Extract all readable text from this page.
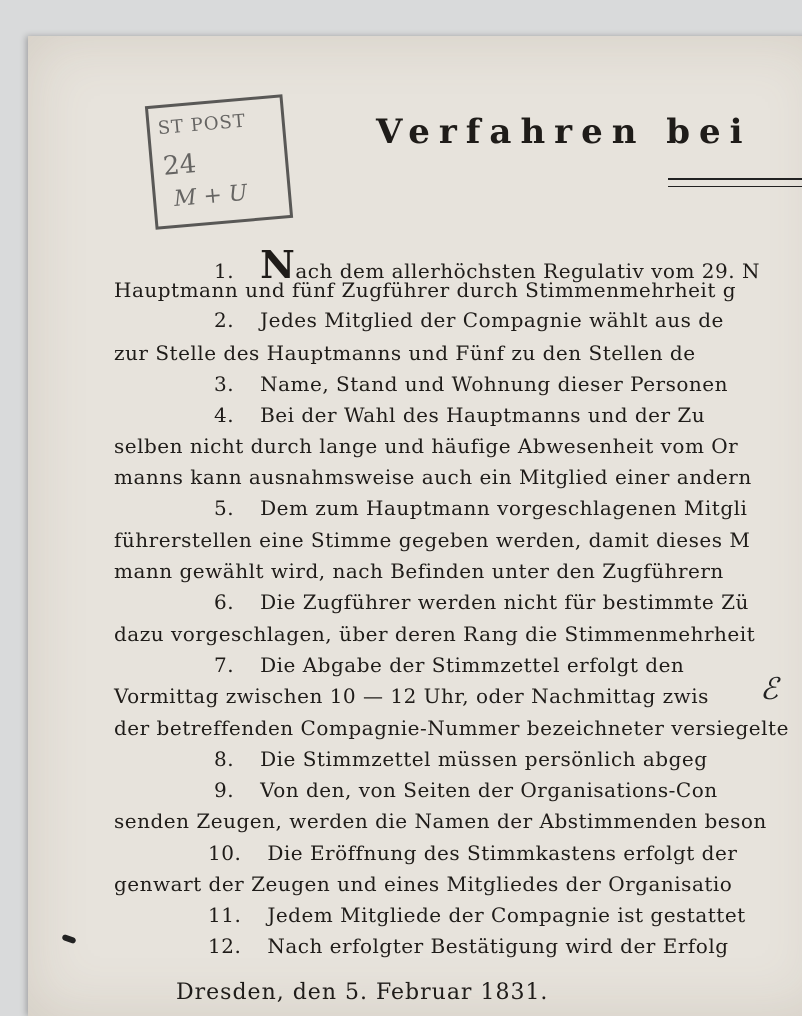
ST POST
24
M + U
Verfahren bei
1. Nach dem allerhöchsten Regulativ vom 29. N
Hauptmann und fünf Zugführer durch Stimmenmehrheit g
2. Jedes Mitglied der Compagnie wählt aus de
zur Stelle des Hauptmanns und Fünf zu den Stellen de
3. Name, Stand und Wohnung dieser Personen
4. Bei der Wahl des Hauptmanns und der Zu
selben nicht durch lange und häufige Abwesenheit vom Or
manns kann ausnahmsweise auch ein Mitglied einer andern
5. Dem zum Hauptmann vorgeschlagenen Mitgli
führerstellen eine Stimme gegeben werden, damit dieses M
mann gewählt wird, nach Befinden unter den Zugführern
6. Die Zugführer werden nicht für bestimmte Zü
dazu vorgeschlagen, über deren Rang die Stimmenmehrheit
7. Die Abgabe der Stimmzettel erfolgt den
Vormittag zwischen 10 — 12 Uhr, oder Nachmittag zwis
der betreffenden Compagnie-Nummer bezeichneter versiegelte
8. Die Stimmzettel müssen persönlich abgeg
9. Von den, von Seiten der Organisations-Con
senden Zeugen, werden die Namen der Abstimmenden beson
10. Die Eröffnung des Stimmkastens erfolgt der
genwart der Zeugen und eines Mitgliedes der Organisatio
11. Jedem Mitgliede der Compagnie ist gestattet
12. Nach erfolgter Bestätigung wird der Erfolg
ℰ
Dresden, den 5. Februar 1831.
